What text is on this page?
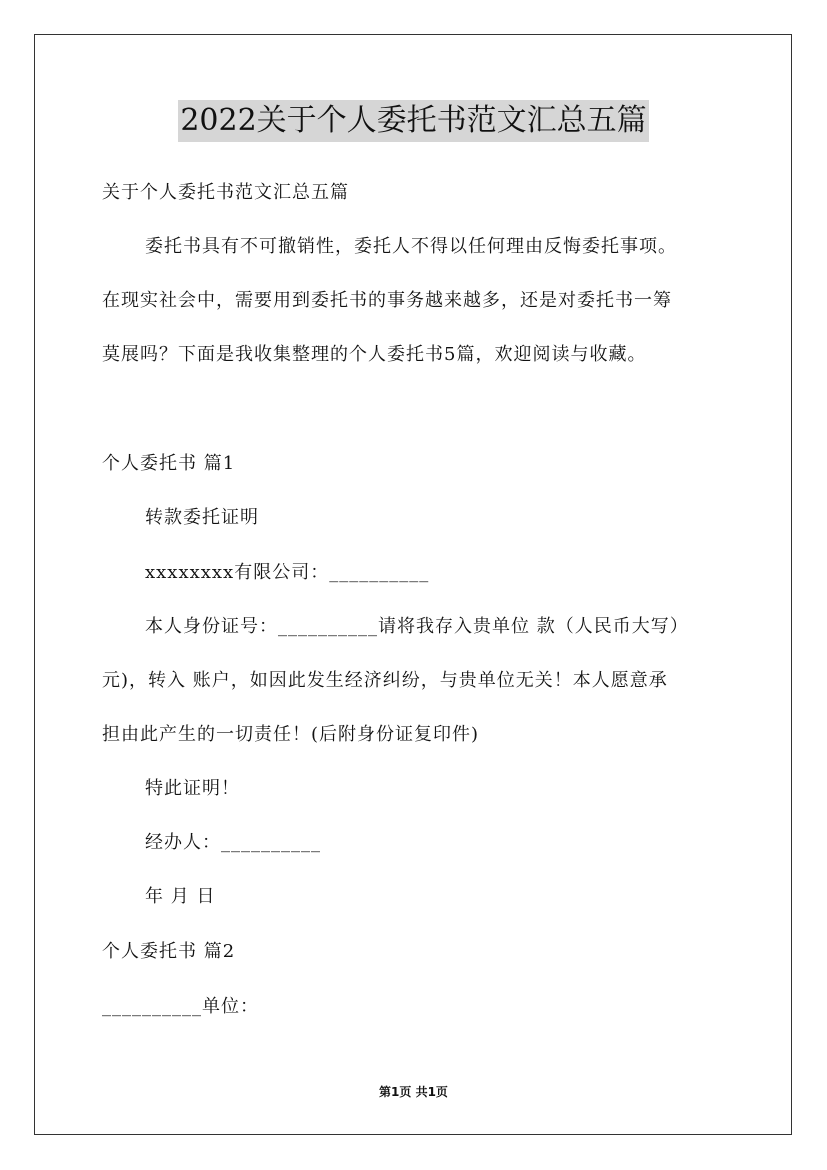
2022关于个人委托书范文汇总五篇
关于个人委托书范文汇总五篇
委托书具有不可撤销性，委托人不得以任何理由反悔委托事项。
在现实社会中，需要用到委托书的事务越来越多，还是对委托书一筹
莫展吗？下面是我收集整理的个人委托书5篇，欢迎阅读与收藏。
个人委托书 篇1
转款委托证明
xxxxxxxx有限公司：__________
本人身份证号：__________请将我存入贵单位 款（人民币大写）
元)，转入 账户，如因此发生经济纠纷，与贵单位无关！本人愿意承
担由此产生的一切责任！(后附身份证复印件)
特此证明！
经办人：__________
年 月 日
个人委托书 篇2
__________单位：
第1页 共1页
